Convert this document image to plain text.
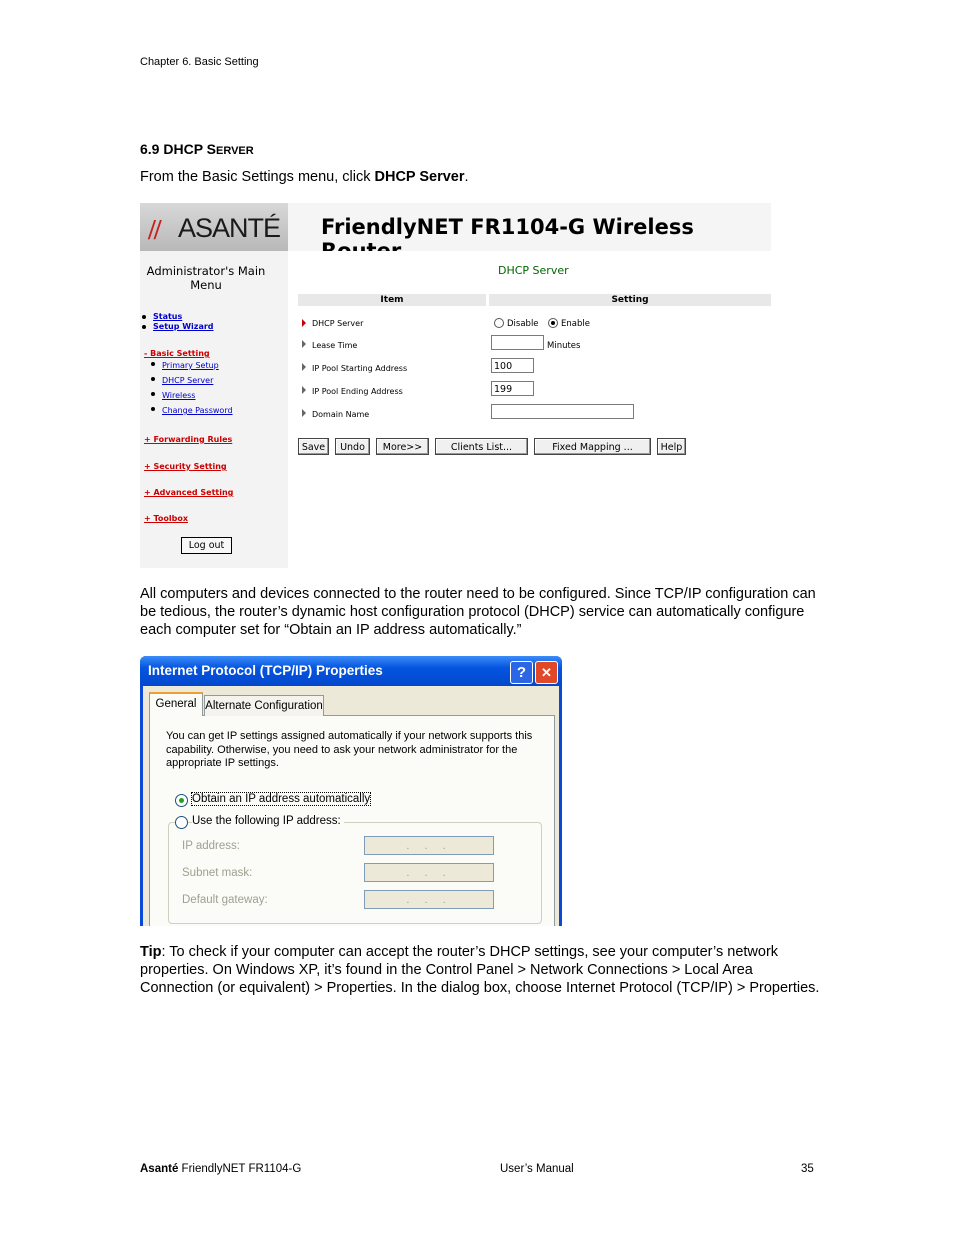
Chapter 6. Basic Setting
6.9 DHCP SERVER
From the Basic Settings menu, click DHCP Server.
// ASANTÉ FriendlyNET FR1104-G Wireless
Administrator's Main
Menu
Status
Setup Wizard
- Basic Setting
Primary Setup
DHCP Server
Wireless
Change Password
+ Forwarding Rules
+ Security Setting
+ Advanced Setting
+ Toolbox
Log out
DHCP Server
Item	Setting
DHCP Server	Disable	Enable
Lease Time	Minutes
IP Pool Starting Address	100
IP Pool Ending Address	199
Domain Name
Save	Undo	More>>	Clients List...	Fixed Mapping ...	Help
All computers and devices connected to the router need to be configured. Since TCP/IP configuration can be tedious, the router’s dynamic host configuration protocol (DHCP) service can automatically configure each computer set for “Obtain an IP address automatically.”
Internet Protocol (TCP/IP) Properties	?	✕
You can get IP settings assigned automatically if your network supports this capability. Otherwise, you need to ask your network administrator for the appropriate IP settings.
Obtain an IP address automatically
Use the following IP address:
IP address:	. . .
Subnet mask:	. . .
Default gateway:	. . .
Alternate Configuration
General
Tip: To check if your computer can accept the router’s DHCP settings, see your computer’s network properties. On Windows XP, it’s found in the Control Panel > Network Connections > Local Area Connection (or equivalent) > Properties. In the dialog box, choose Internet Protocol (TCP/IP) > Properties.
Asanté FriendlyNET FR1104-G	User’s Manual	35
